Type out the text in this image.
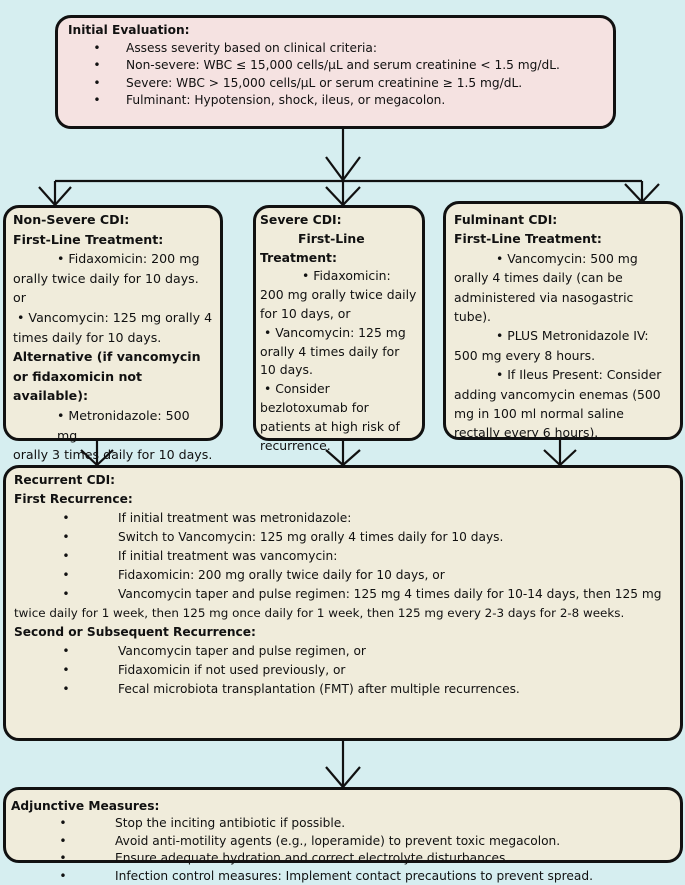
Initial Evaluation:
•	Assess severity based on clinical criteria:
•	Non-severe: WBC ≤ 15,000 cells/µL and serum creatinine < 1.5 mg/dL.
•	Severe: WBC > 15,000 cells/µL or serum creatinine ≥ 1.5 mg/dL.
•	Fulminant: Hypotension, shock, ileus, or megacolon.
Non-Severe CDI:
First-Line Treatment:
• Fidaxomicin: 200 mg
orally twice daily for 10 days. or
• Vancomycin: 125 mg orally 4
times daily for 10 days.
Alternative (if vancomycin or fidaxomicin not available):
• Metronidazole: 500 mg
orally 3 times daily for 10 days.
Severe CDI:
First-Line
Treatment:
• Fidaxomicin: 200 mg orally twice daily for 10 days, or
• Vancomycin: 125 mg orally 4 times daily for 10 days.
• Consider bezlotoxumab for patients at high risk of recurrence.
Fulminant CDI:
First-Line Treatment:
• Vancomycin: 500 mg orally 4 times daily (can be administered via nasogastric tube).
• PLUS Metronidazole IV: 500 mg every 8 hours.
• If Ileus Present: Consider adding vancomycin enemas (500 mg in 100 ml normal saline rectally every 6 hours).
Recurrent CDI:
First Recurrence:
•	If initial treatment was metronidazole:
•	Switch to Vancomycin: 125 mg orally 4 times daily for 10 days.
•	If initial treatment was vancomycin:
•	Fidaxomicin: 200 mg orally twice daily for 10 days, or
•	Vancomycin taper and pulse regimen: 125 mg 4 times daily for 10-14 days, then 125 mg
twice daily for 1 week, then 125 mg once daily for 1 week, then 125 mg every 2-3 days for 2-8 weeks.
Second or Subsequent Recurrence:
•	Vancomycin taper and pulse regimen, or
•	Fidaxomicin if not used previously, or
•	Fecal microbiota transplantation (FMT) after multiple recurrences.
Adjunctive Measures:
•	Stop the inciting antibiotic if possible.
•	Avoid anti-motility agents (e.g., loperamide) to prevent toxic megacolon.
•	Ensure adequate hydration and correct electrolyte disturbances.
•	Infection control measures: Implement contact precautions to prevent spread.
